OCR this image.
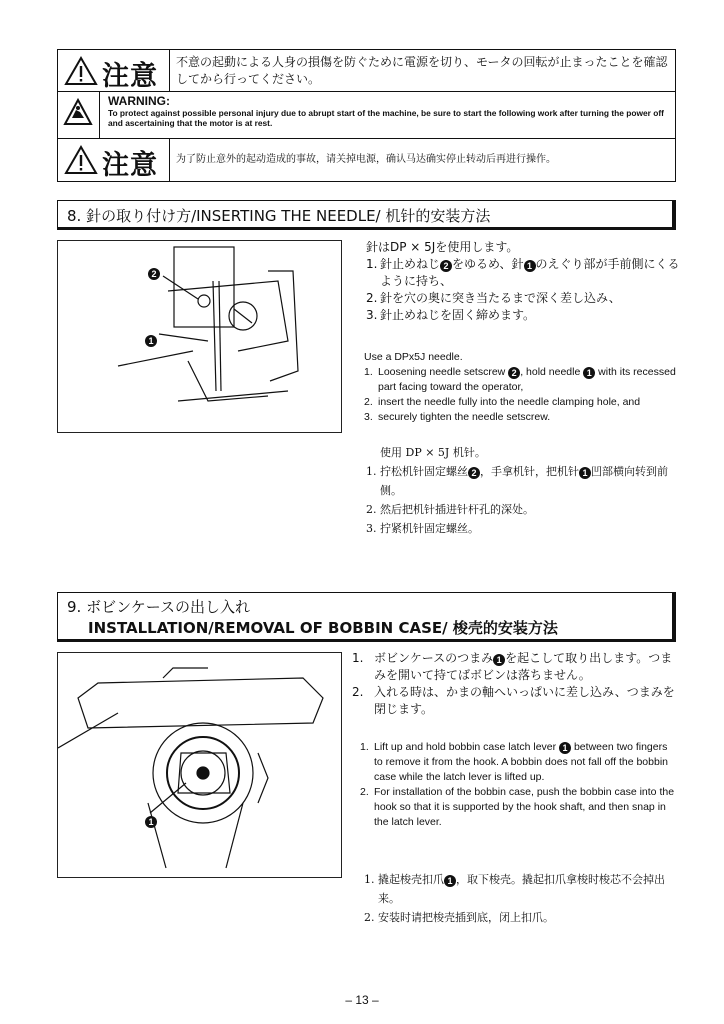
注意 不意の起動による人身の損傷を防ぐために電源を切り、モータの回転が止まったことを確認してから行ってください。
WARNING:
To protect against possible personal injury due to abrupt start of the machine, be sure to start the following work after turning the power off and ascertaining that the motor is at rest.
注意 为了防止意外的起动造成的事故，请关掉电源，确认马达确实停止转动后再进行操作。
8. 針の取り付け方/INSERTING THE NEEDLE/ 机针的安装方法
2
1
針はDP × 5Jを使用します。
1. 針止めねじ 2 をゆるめ、針 1 のえぐり部が手前側にくるように持ち、
2. 針を穴の奥に突き当たるまで深く差し込み、
3. 針止めねじを固く締めます。
Use a DPx5J needle.
1. Loosening needle setscrew 2 , hold needle 1 with its recessed part facing toward the operator,
2. insert the needle fully into the needle clamping hole, and
3. securely tighten the needle setscrew.
使用 DP × 5J 机针。
1. 拧松机针固定螺丝 2 ，手拿机针，把机针 1 凹部横向转到前侧。
2. 然后把机针插进针杆孔的深处。
3. 拧紧机针固定螺丝。
9. ボビンケースの出し入れ
INSTALLATION/REMOVAL OF BOBBIN CASE/ 梭壳的安装方法
1
1. ボビンケースのつまみ 1 を起こして取り出します。つまみを開いて持てばボビンは落ちません。
2. 入れる時は、かまの軸へいっぱいに差し込み、つまみを閉じます。
1. Lift up and hold bobbin case latch lever 1 between two fingers to remove it from the hook. A bobbin does not fall off the bobbin case while the latch lever is lifted up.
2. For installation of the bobbin case, push the bobbin case into the hook so that it is supported by the hook shaft, and then snap in the latch lever.
1. 撬起梭壳扣爪 1 ，取下梭壳。撬起扣爪拿梭时梭芯不会掉出来。
2. 安装时请把梭壳插到底，闭上扣爪。
– 13 –
